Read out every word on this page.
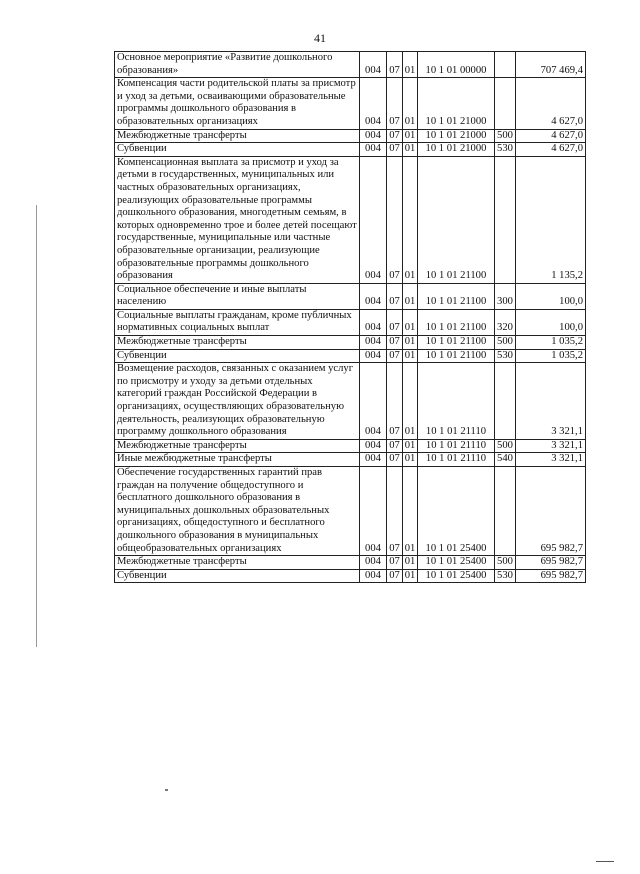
41
Основное мероприятие «Развитие дошкольного образования»	004	07	01	10 1 01 00000		707 469,4
Компенсация части родительской платы за присмотр и уход за детьми, осваивающими образовательные программы дошкольного образования в образовательных организациях	004	07	01	10 1 01 21000		4 627,0
Межбюджетные трансферты	004	07	01	10 1 01 21000	500	4 627,0
Субвенции	004	07	01	10 1 01 21000	530	4 627,0
Компенсационная выплата за присмотр и уход за детьми в государственных, муниципальных или частных образовательных организациях, реализующих образовательные программы дошкольного образования, многодетным семьям, в которых одновременно трое и более детей посещают государственные, муниципальные или частные образовательные организации, реализующие образовательные программы дошкольного образования	004	07	01	10 1 01 21100		1 135,2
Социальное обеспечение и иные выплаты населению	004	07	01	10 1 01 21100	300	100,0
Социальные выплаты гражданам, кроме публичных нормативных социальных выплат	004	07	01	10 1 01 21100	320	100,0
Межбюджетные трансферты	004	07	01	10 1 01 21100	500	1 035,2
Субвенции	004	07	01	10 1 01 21100	530	1 035,2
Возмещение расходов, связанных с оказанием услуг по присмотру и уходу за детьми отдельных категорий граждан Российской Федерации в организациях, осуществляющих образовательную деятельность, реализующих образовательную программу дошкольного образования	004	07	01	10 1 01 21110		3 321,1
Межбюджетные трансферты	004	07	01	10 1 01 21110	500	3 321,1
Иные межбюджетные трансферты	004	07	01	10 1 01 21110	540	3 321,1
Обеспечение государственных гарантий прав граждан на получение общедоступного и бесплатного дошкольного образования в муниципальных дошкольных образовательных организациях, общедоступного и бесплатного дошкольного образования в муниципальных общеобразовательных организациях	004	07	01	10 1 01 25400		695 982,7
Межбюджетные трансферты	004	07	01	10 1 01 25400	500	695 982,7
Субвенции	004	07	01	10 1 01 25400	530	695 982,7
